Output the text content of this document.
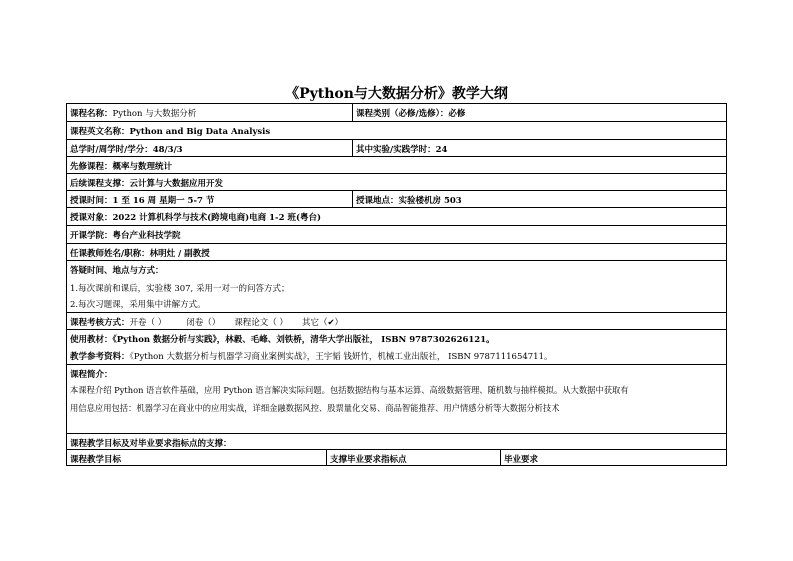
《Python与大数据分析》教学大纲
课程名称：Python 与大数据分析	课程类别（必修/选修）：必修
课程英文名称：Python and Big Data Analysis
总学时/周学时/学分：48/3/3	其中实验/实践学时：24
先修课程：概率与数理统计
后续课程支撑：云计算与大数据应用开发
授课时间：1 至 16 周 星期一 5-7 节	授课地点：实验楼机房 503
授课对象：2022 计算机科学与技术(跨境电商)电商 1-2 班(粤台)
开课学院：粤台产业科技学院
任课教师姓名/职称：林明灶 / 副教授
答疑时间、地点与方式：
1.每次课前和课后，实验楼 307, 采用一对一的问答方式；
2.每次习题课，采用集中讲解方式。
课程考核方式：开卷（ ） 闭卷（） 课程论文（ ） 其它（✔）
使用教材：《Python 数据分析与实践》，林毅、毛峰、刘铁桥，清华大学出版社， ISBN 9787302626121。
教学参考资料：《Python 大数据分析与机器学习商业案例实战》，王宇韬 钱妍竹，机械工业出版社， ISBN 9787111654711。
课程简介：
本课程介绍 Python 语言软件基础，应用 Python 语言解决实际问题。包括数据结构与基本运算、高级数据管理、随机数与抽样模拟。从大数据中获取有
用信息应用包括：机器学习在商业中的应用实战，详细金融数据风控、股票量化交易、商品智能推荐、用户情感分析等大数据分析技术
课程教学目标及对毕业要求指标点的支撑：
课程教学目标	支撑毕业要求指标点	毕业要求
